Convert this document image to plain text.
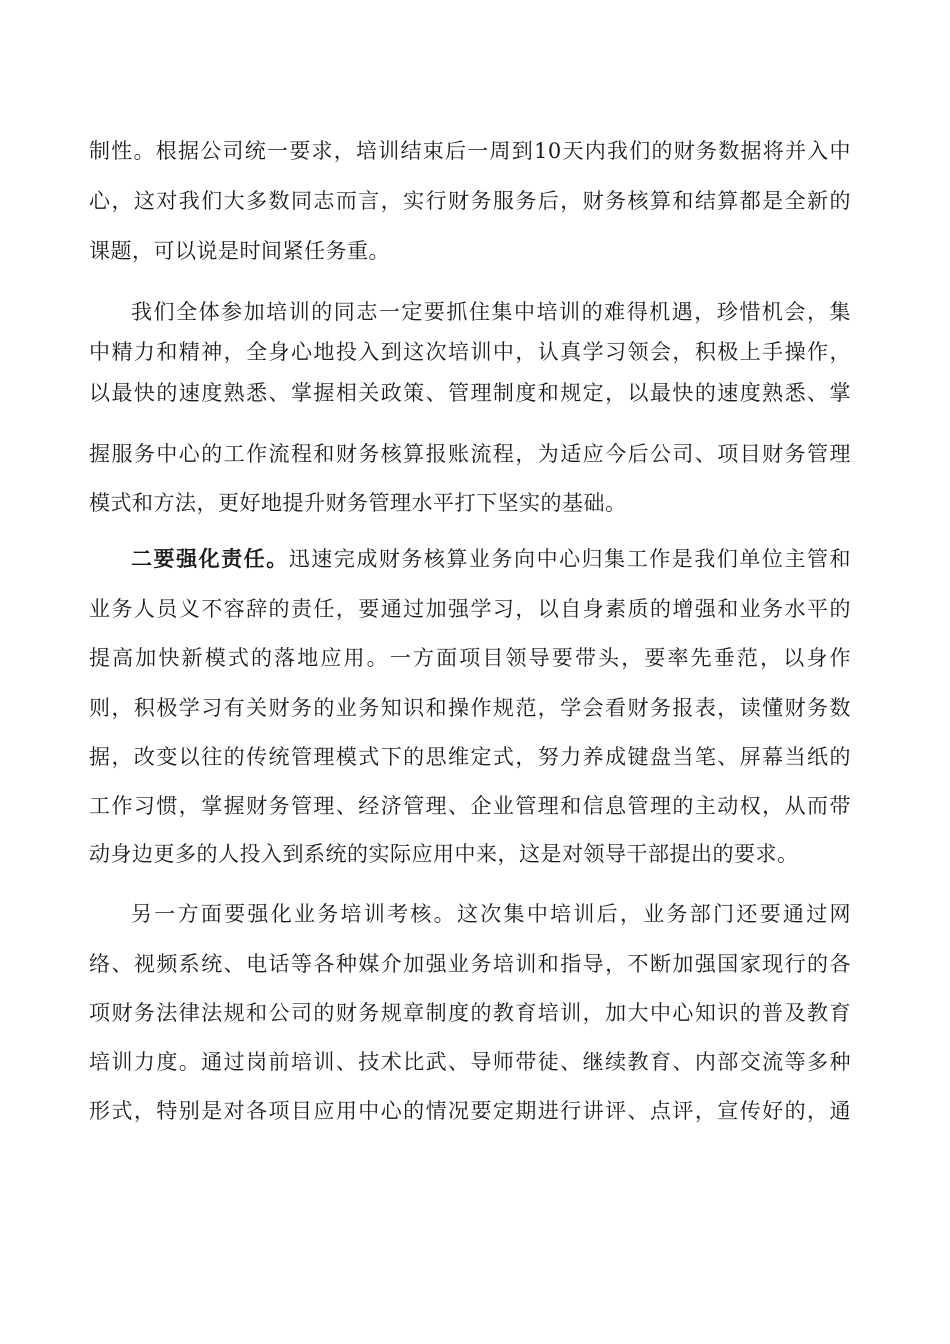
制性。根据公司统一要求，培训结束后一周到10天内我们的财务数据将并入中
心，这对我们大多数同志而言，实行财务服务后，财务核算和结算都是全新的
课题，可以说是时间紧任务重。
我们全体参加培训的同志一定要抓住集中培训的难得机遇，珍惜机会，集
中精力和精神，全身心地投入到这次培训中，认真学习领会，积极上手操作，
以最快的速度熟悉、掌握相关政策、管理制度和规定，以最快的速度熟悉、掌
握服务中心的工作流程和财务核算报账流程，为适应今后公司、项目财务管理
模式和方法，更好地提升财务管理水平打下坚实的基础。
二要强化责任。迅速完成财务核算业务向中心归集工作是我们单位主管和
业务人员义不容辞的责任，要通过加强学习，以自身素质的增强和业务水平的
提高加快新模式的落地应用。一方面项目领导要带头，要率先垂范，以身作
则，积极学习有关财务的业务知识和操作规范，学会看财务报表，读懂财务数
据，改变以往的传统管理模式下的思维定式，努力养成键盘当笔、屏幕当纸的
工作习惯，掌握财务管理、经济管理、企业管理和信息管理的主动权，从而带
动身边更多的人投入到系统的实际应用中来，这是对领导干部提出的要求。
另一方面要强化业务培训考核。这次集中培训后，业务部门还要通过网
络、视频系统、电话等各种媒介加强业务培训和指导，不断加强国家现行的各
项财务法律法规和公司的财务规章制度的教育培训，加大中心知识的普及教育
培训力度。通过岗前培训、技术比武、导师带徒、继续教育、内部交流等多种
形式，特别是对各项目应用中心的情况要定期进行讲评、点评，宣传好的，通
